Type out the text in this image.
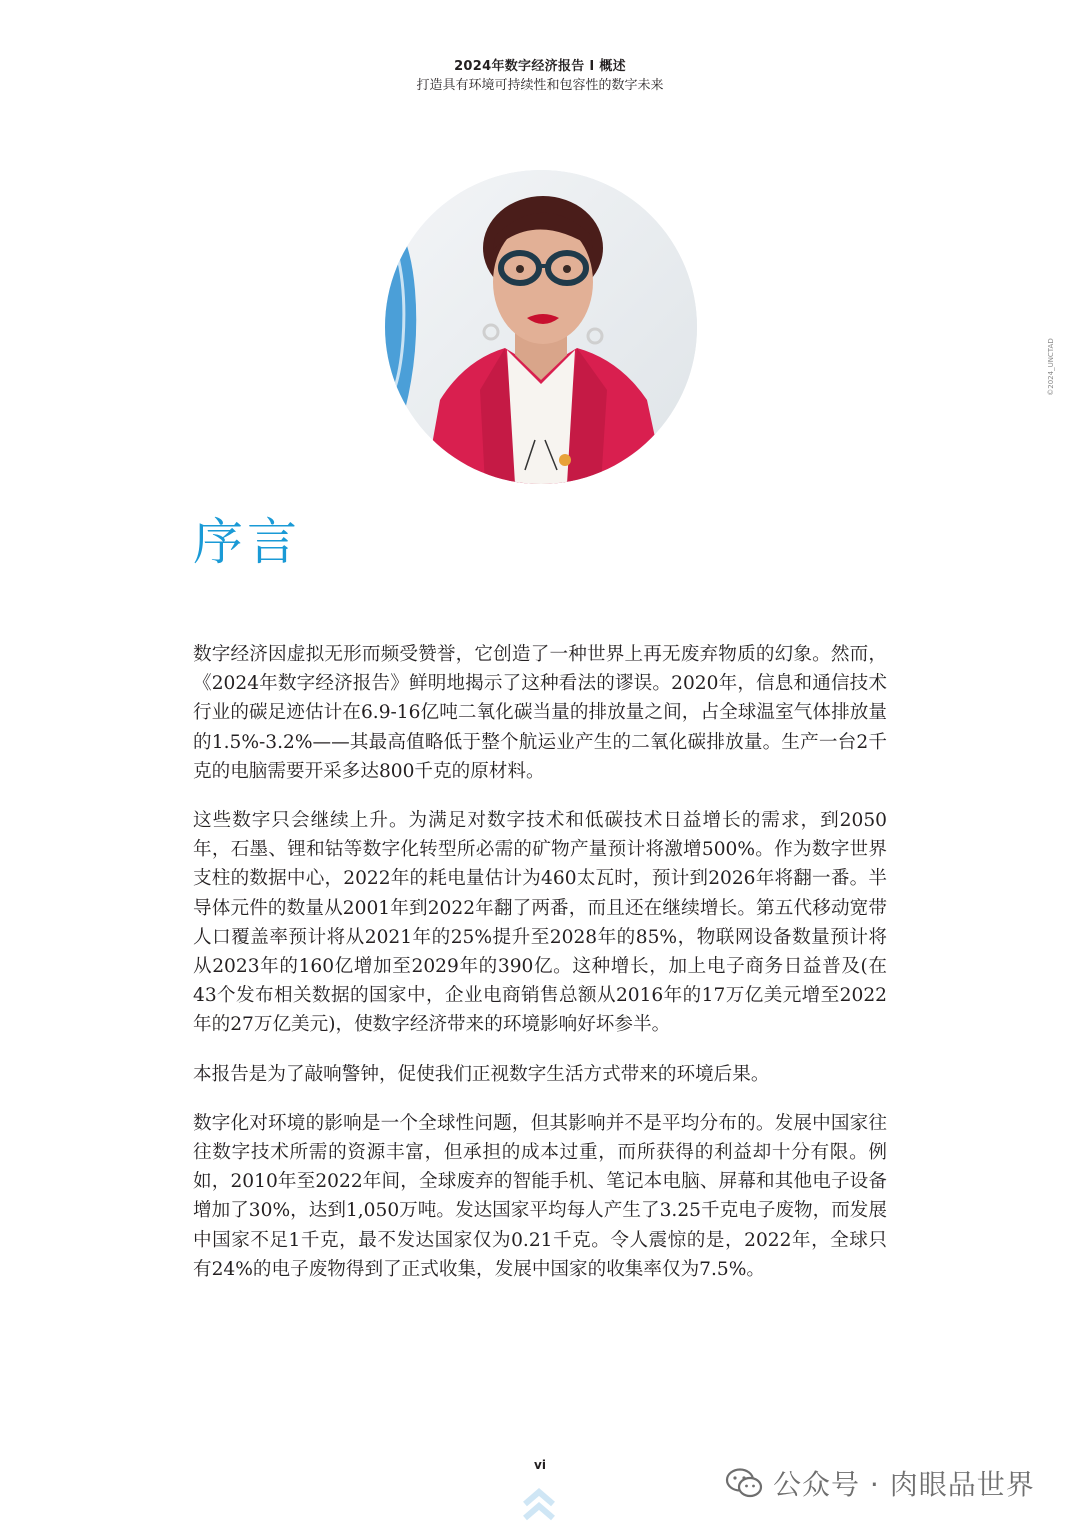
2024年数字经济报告 I 概述
打造具有环境可持续性和包容性的数字未来
©2024_UNCTAD
序言

数字经济因虚拟无形而频受赞誉，它创造了一种世界上再无废弃物质的幻象。然而，《2024年数字经济报告》鲜明地揭示了这种看法的谬误。2020年，信息和通信技术行业的碳足迹估计在6.9-16亿吨二氧化碳当量的排放量之间，占全球温室气体排放量的1.5%-3.2%——其最高值略低于整个航运业产生的二氧化碳排放量。生产一台2千克的电脑需要开采多达800千克的原材料。

这些数字只会继续上升。为满足对数字技术和低碳技术日益增长的需求，到2050年，石墨、锂和钴等数字化转型所必需的矿物产量预计将激增500%。作为数字世界支柱的数据中心，2022年的耗电量估计为460太瓦时，预计到2026年将翻一番。半导体元件的数量从2001年到2022年翻了两番，而且还在继续增长。第五代移动宽带人口覆盖率预计将从2021年的25%提升至2028年的85%，物联网设备数量预计将从2023年的160亿增加至2029年的390亿。这种增长，加上电子商务日益普及(在43个发布相关数据的国家中，企业电商销售总额从2016年的17万亿美元增至2022年的27万亿美元)，使数字经济带来的环境影响好坏参半。

本报告是为了敲响警钟，促使我们正视数字生活方式带来的环境后果。

数字化对环境的影响是一个全球性问题，但其影响并不是平均分布的。发展中国家往往数字技术所需的资源丰富，但承担的成本过重，而所获得的利益却十分有限。例如，2010年至2022年间，全球废弃的智能手机、笔记本电脑、屏幕和其他电子设备增加了30%，达到1,050万吨。发达国家平均每人产生了3.25千克电子废物，而发展中国家不足1千克，最不发达国家仅为0.21千克。令人震惊的是，2022年，全球只有24%的电子废物得到了正式收集，发展中国家的收集率仅为7.5%。

vi
公众号 · 肉眼品世界
